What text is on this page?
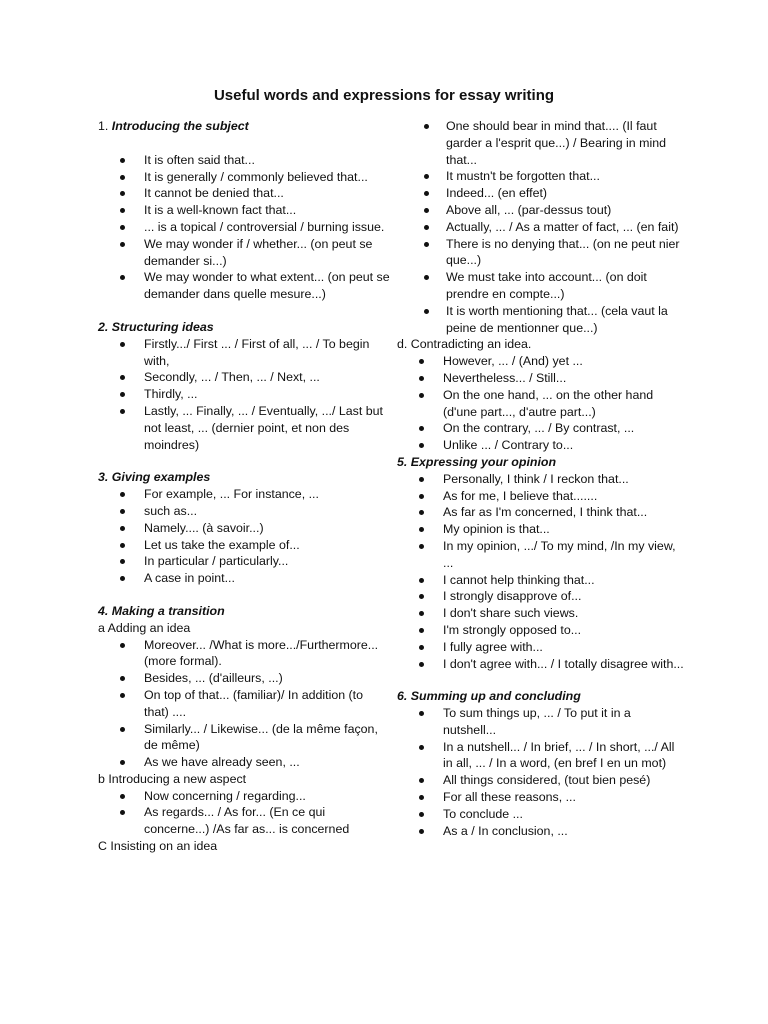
Useful words and expressions for essay writing

1. Introducing the subject

It is often said that...
It is generally / commonly believed that...
It cannot be denied that...
It is a well-known fact that...
... is a topical / controversial / burning issue.
We may wonder if / whether... (on peut se demander si...)
We may wonder to what extent... (on peut se demander dans quelle mesure...)

2. Structuring ideas

Firstly.../ First ... / First of all, ... / To begin with,
Secondly, ... / Then, ... / Next, ...
Thirdly, ...
Lastly, ... Finally, ... / Eventually, .../ Last but not least, ... (dernier point, et non des moindres)

3. Giving examples

For example, ... For instance, ...
such as...
Namely.... (à savoir...)
Let us take the example of...
In particular / particularly...
A case in point...

4. Making a transition

a Adding an idea

Moreover... /What is more.../Furthermore... (more formal).
Besides, ... (d'ailleurs, ...)
On top of that... (familiar)/ In addition (to that) ....
Similarly... / Likewise... (de la même façon, de même)
As we have already seen, ...

b Introducing a new aspect

Now concerning / regarding...
As regards... / As for... (En ce qui concerne...) /As far as... is concerned

C Insisting on an idea

One should bear in mind that.... (Il faut garder a l'esprit que...) / Bearing in mind that...
It mustn't be forgotten that...
Indeed... (en effet)
Above all, ... (par-dessus tout)
Actually, ... / As a matter of fact, ... (en fait)
There is no denying that... (on ne peut nier que...)
We must take into account... (on doit prendre en compte...)
It is worth mentioning that... (cela vaut la peine de mentionner que...)

d. Contradicting an idea.

However, ... / (And) yet ...
Nevertheless... / Still...
On the one hand, ... on the other hand (d'une part..., d'autre part...)
On the contrary, ... / By contrast, ...
Unlike ... / Contrary to...

5. Expressing your opinion

Personally, I think / I reckon that...
As for me, I believe that.......
As far as I'm concerned, I think that...
My opinion is that...
In my opinion, .../ To my mind, /In my view, ...
I cannot help thinking that...
I strongly disapprove of...
I don't share such views.
I'm strongly opposed to...
I fully agree with...
I don't agree with... / I totally disagree with...

6. Summing up and concluding

To sum things up, ... / To put it in a nutshell...
In a nutshell... / In brief, ... / In short, .../ All in all, ... / In a word, (en bref I en un mot)
All things considered, (tout bien pesé)
For all these reasons, ...
To conclude ...
As a / In conclusion, ...
